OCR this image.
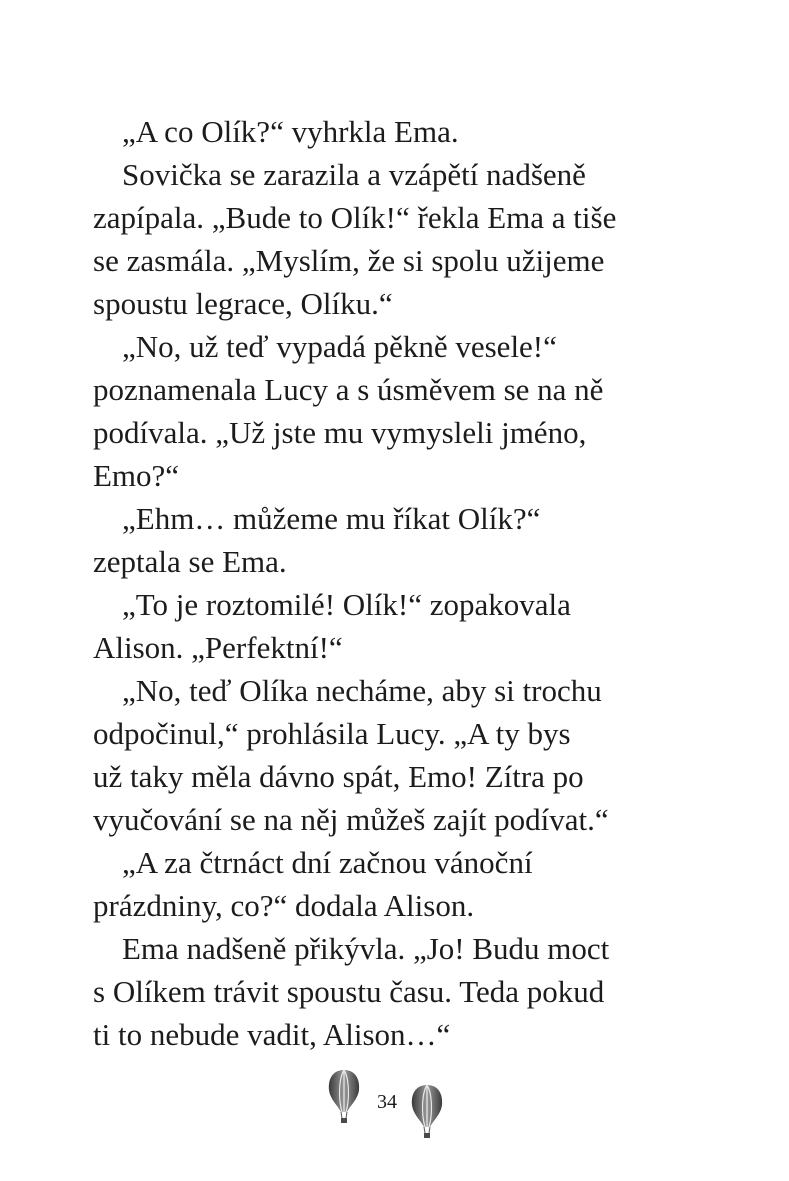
„A co Olík?“ vyhrkla Ema.
Sovička se zarazila a vzápětí nadšeně
zapípala. „Bude to Olík!“ řekla Ema a tiše
se zasmála. „Myslím, že si spolu užijeme
spoustu legrace, Olíku.“
„No, už teď vypadá pěkně vesele!“
poznamenala Lucy a s úsměvem se na ně
podívala. „Už jste mu vymysleli jméno,
Emo?“
„Ehm… můžeme mu říkat Olík?“
zeptala se Ema.
„To je roztomilé! Olík!“ zopakovala
Alison. „Perfektní!“
„No, teď Olíka necháme, aby si trochu
odpočinul,“ prohlásila Lucy. „A ty bys
už taky měla dávno spát, Emo! Zítra po
vyučování se na něj můžeš zajít podívat.“
„A za čtrnáct dní začnou vánoční
prázdniny, co?“ dodala Alison.
Ema nadšeně přikývla. „Jo! Budu moct
s Olíkem trávit spoustu času. Teda pokud
ti to nebude vadit, Alison…“
34
